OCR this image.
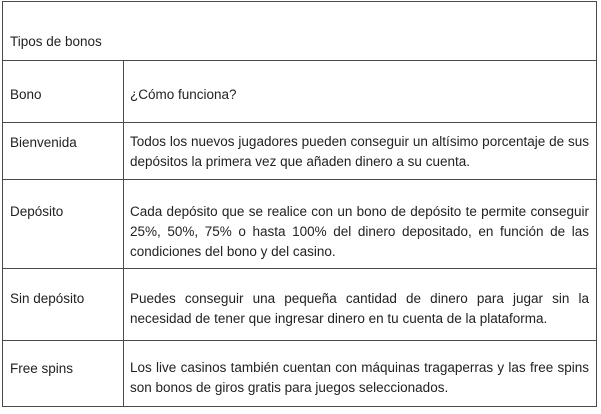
Tipos de bonos
Bono	¿Cómo funciona?
Bienvenida	Todos los nuevos jugadores pueden conseguir un altísimo porcentaje de sus depósitos la primera vez que añaden dinero a su cuenta.
Depósito	Cada depósito que se realice con un bono de depósito te permite conseguir 25%, 50%, 75% o hasta 100% del dinero depositado, en función de las condiciones del bono y del casino.
Sin depósito	Puedes conseguir una pequeña cantidad de dinero para jugar sin la necesidad de tener que ingresar dinero en tu cuenta de la plataforma.
Free spins	Los live casinos también cuentan con máquinas tragaperras y las free spins son bonos de giros gratis para juegos seleccionados.
